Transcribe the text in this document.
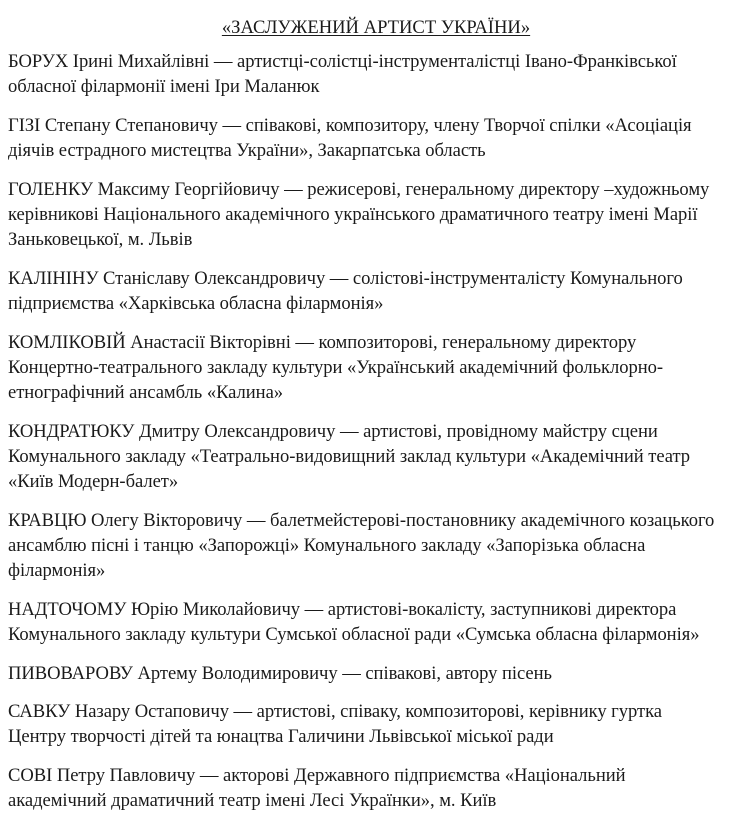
«ЗАСЛУЖЕНИЙ АРТИСТ УКРАЇНИ»

БОРУХ Ірині Михайлівні — артистці-солістці-інструменталістці Івано-Франківської
обласної філармонії імені Іри Маланюк

ГІЗІ Степану Степановичу — співакові, композитору, члену Творчої спілки «Асоціація
діячів естрадного мистецтва України», Закарпатська область

ГОЛЕНКУ Максиму Георгійовичу — режисерові, генеральному директору –художньому
керівникові Національного академічного українського драматичного театру імені Марії
Заньковецької, м. Львів

КАЛІНІНУ Станіславу Олександровичу — солістові-інструменталісту Комунального
підприємства «Харківська обласна філармонія»

КОМЛІКОВІЙ Анастасії Вікторівні — композиторові, генеральному директору
Концертно-театрального закладу культури «Український академічний фольклорно-
етнографічний ансамбль «Калина»

КОНДРАТЮКУ Дмитру Олександровичу — артистові, провідному майстру сцени
Комунального закладу «Театрально-видовищний заклад культури «Академічний театр
«Київ Модерн-балет»

КРАВЦЮ Олегу Вікторовичу — балетмейстерові-постановнику академічного козацького
ансамблю пісні і танцю «Запорожці» Комунального закладу «Запорізька обласна
філармонія»

НАДТОЧОМУ Юрію Миколайовичу — артистові-вокалісту, заступникові директора
Комунального закладу культури Сумської обласної ради «Сумська обласна філармонія»

ПИВОВАРОВУ Артему Володимировичу — співакові, автору пісень

САВКУ Назару Остаповичу — артистові, співаку, композиторові, керівнику гуртка
Центру творчості дітей та юнацтва Галичини Львівської міської ради

СОВІ Петру Павловичу — акторові Державного підприємства «Національний
академічний драматичний театр імені Лесі Українки», м. Київ
